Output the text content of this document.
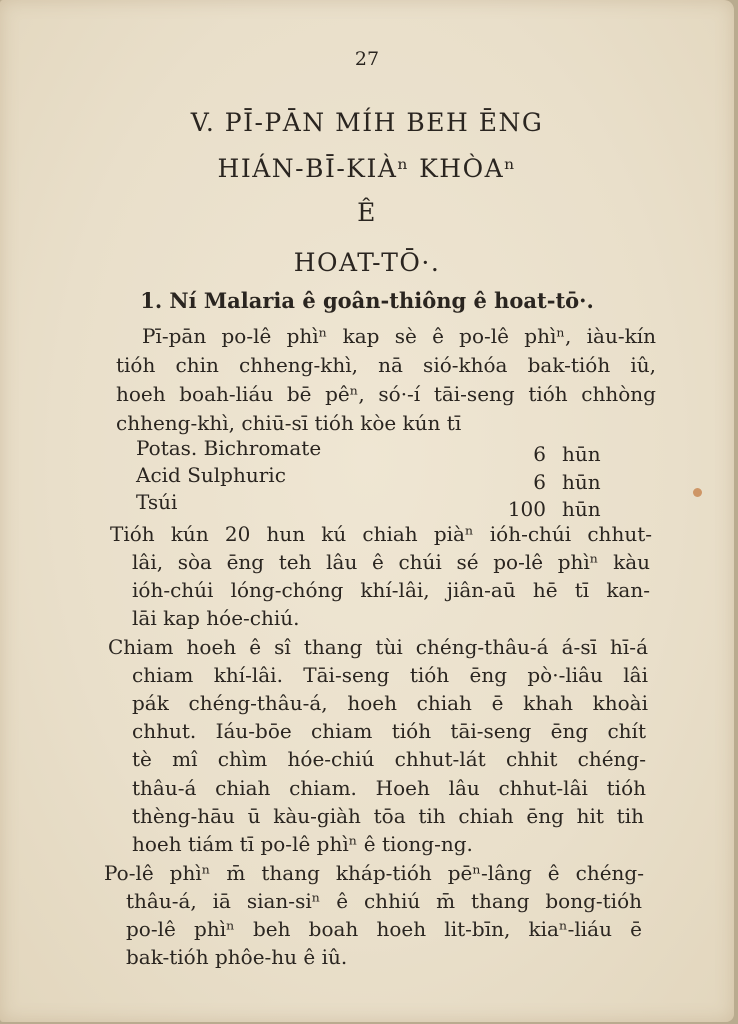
27
V. PĪ-PĀN MÍH BEH ĒNG
HIÁN-BĪ-KIÀⁿ KHÒAⁿ
Ê
HOAT-TŌ·.
1. Ní Malaria ê goân-thiông ê hoat-tō·.
Pī-pān po-lê phìⁿ kap sè ê po-lê phìⁿ, iàu-kín
tióh chin chheng-khì, nā sió-khóa bak-tióh iû,
hoeh boah-liáu bē pêⁿ, só·-í tāi-seng tióh chhòng
chheng-khì, chiū-sī tióh kòe kún tī
Potas. Bichromate	6 hūn
Acid Sulphuric	6 hūn
Tsúi	100 hūn
Tióh kún 20 hun kú chiah piàⁿ ióh-chúi chhut-
lâi, sòa ēng teh lâu ê chúi sé po-lê phìⁿ kàu
ióh-chúi lóng-chóng khí-lâi, jiân-aū hē tī kan-
lāi kap hóe-chiú.
Chiam hoeh ê sî thang tùi chéng-thâu-á á-sī hī-á
chiam khí-lâi. Tāi-seng tióh ēng pò·-liâu lâi
pák chéng-thâu-á, hoeh chiah ē khah khoài
chhut. Iáu-bōe chiam tióh tāi-seng ēng chít
tè mî chìm hóe-chiú chhut-lát chhit chéng-
thâu-á chiah chiam. Hoeh lâu chhut-lâi tióh
thèng-hāu ū kàu-giàh tōa tih chiah ēng hit tih
hoeh tiám tī po-lê phìⁿ ê tiong-ng.
Po-lê phìⁿ m̄ thang kháp-tióh pēⁿ-lâng ê chéng-
thâu-á, iā sian-siⁿ ê chhiú m̄ thang bong-tióh
po-lê phìⁿ beh boah hoeh lit-bīn, kiaⁿ-liáu ē
bak-tióh phôe-hu ê iû.
